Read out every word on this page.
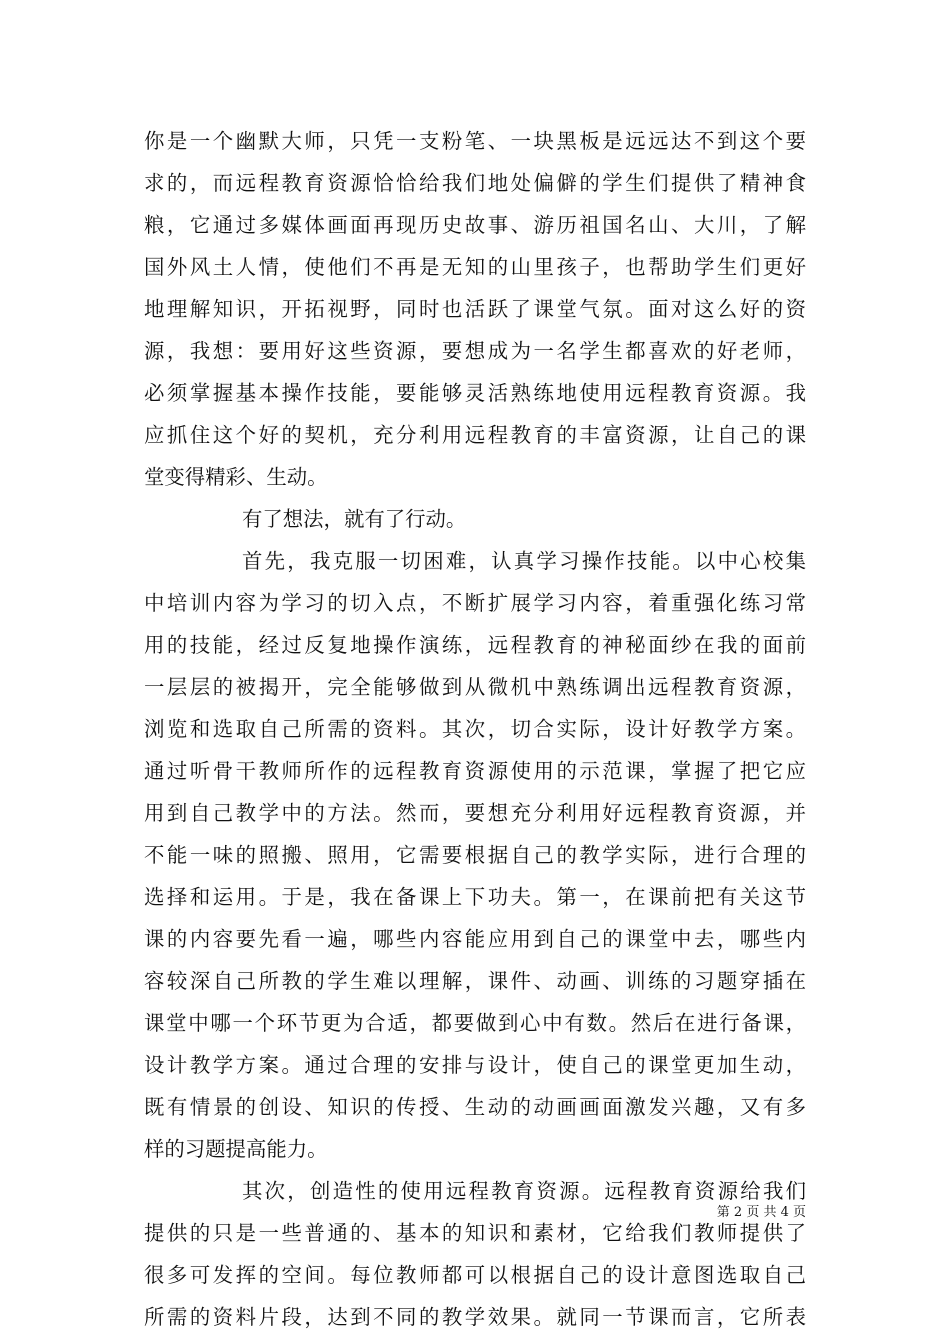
你是一个幽默大师，只凭一支粉笔、一块黑板是远远达不到这个要
求的，而远程教育资源恰恰给我们地处偏僻的学生们提供了精神食
粮，它通过多媒体画面再现历史故事、游历祖国名山、大川，了解
国外风土人情，使他们不再是无知的山里孩子，也帮助学生们更好
地理解知识，开拓视野，同时也活跃了课堂气氛。面对这么好的资
源，我想：要用好这些资源，要想成为一名学生都喜欢的好老师，
必须掌握基本操作技能，要能够灵活熟练地使用远程教育资源。我
应抓住这个好的契机，充分利用远程教育的丰富资源，让自己的课
堂变得精彩、生动。
有了想法，就有了行动。
首先，我克服一切困难，认真学习操作技能。以中心校集
中培训内容为学习的切入点，不断扩展学习内容，着重强化练习常
用的技能，经过反复地操作演练，远程教育的神秘面纱在我的面前
一层层的被揭开，完全能够做到从微机中熟练调出远程教育资源，
浏览和选取自己所需的资料。其次，切合实际，设计好教学方案。
通过听骨干教师所作的远程教育资源使用的示范课，掌握了把它应
用到自己教学中的方法。然而，要想充分利用好远程教育资源，并
不能一味的照搬、照用，它需要根据自己的教学实际，进行合理的
选择和运用。于是，我在备课上下功夫。第一，在课前把有关这节
课的内容要先看一遍，哪些内容能应用到自己的课堂中去，哪些内
容较深自己所教的学生难以理解，课件、动画、训练的习题穿插在
课堂中哪一个环节更为合适，都要做到心中有数。然后在进行备课，
设计教学方案。通过合理的安排与设计，使自己的课堂更加生动，
既有情景的创设、知识的传授、生动的动画画面激发兴趣，又有多
样的习题提高能力。
其次，创造性的使用远程教育资源。远程教育资源给我们
提供的只是一些普通的、基本的知识和素材，它给我们教师提供了
很多可发挥的空间。每位教师都可以根据自己的设计意图选取自己
所需的资料片段，达到不同的教学效果。就同一节课而言，它所表
第 2 页 共 4 页
